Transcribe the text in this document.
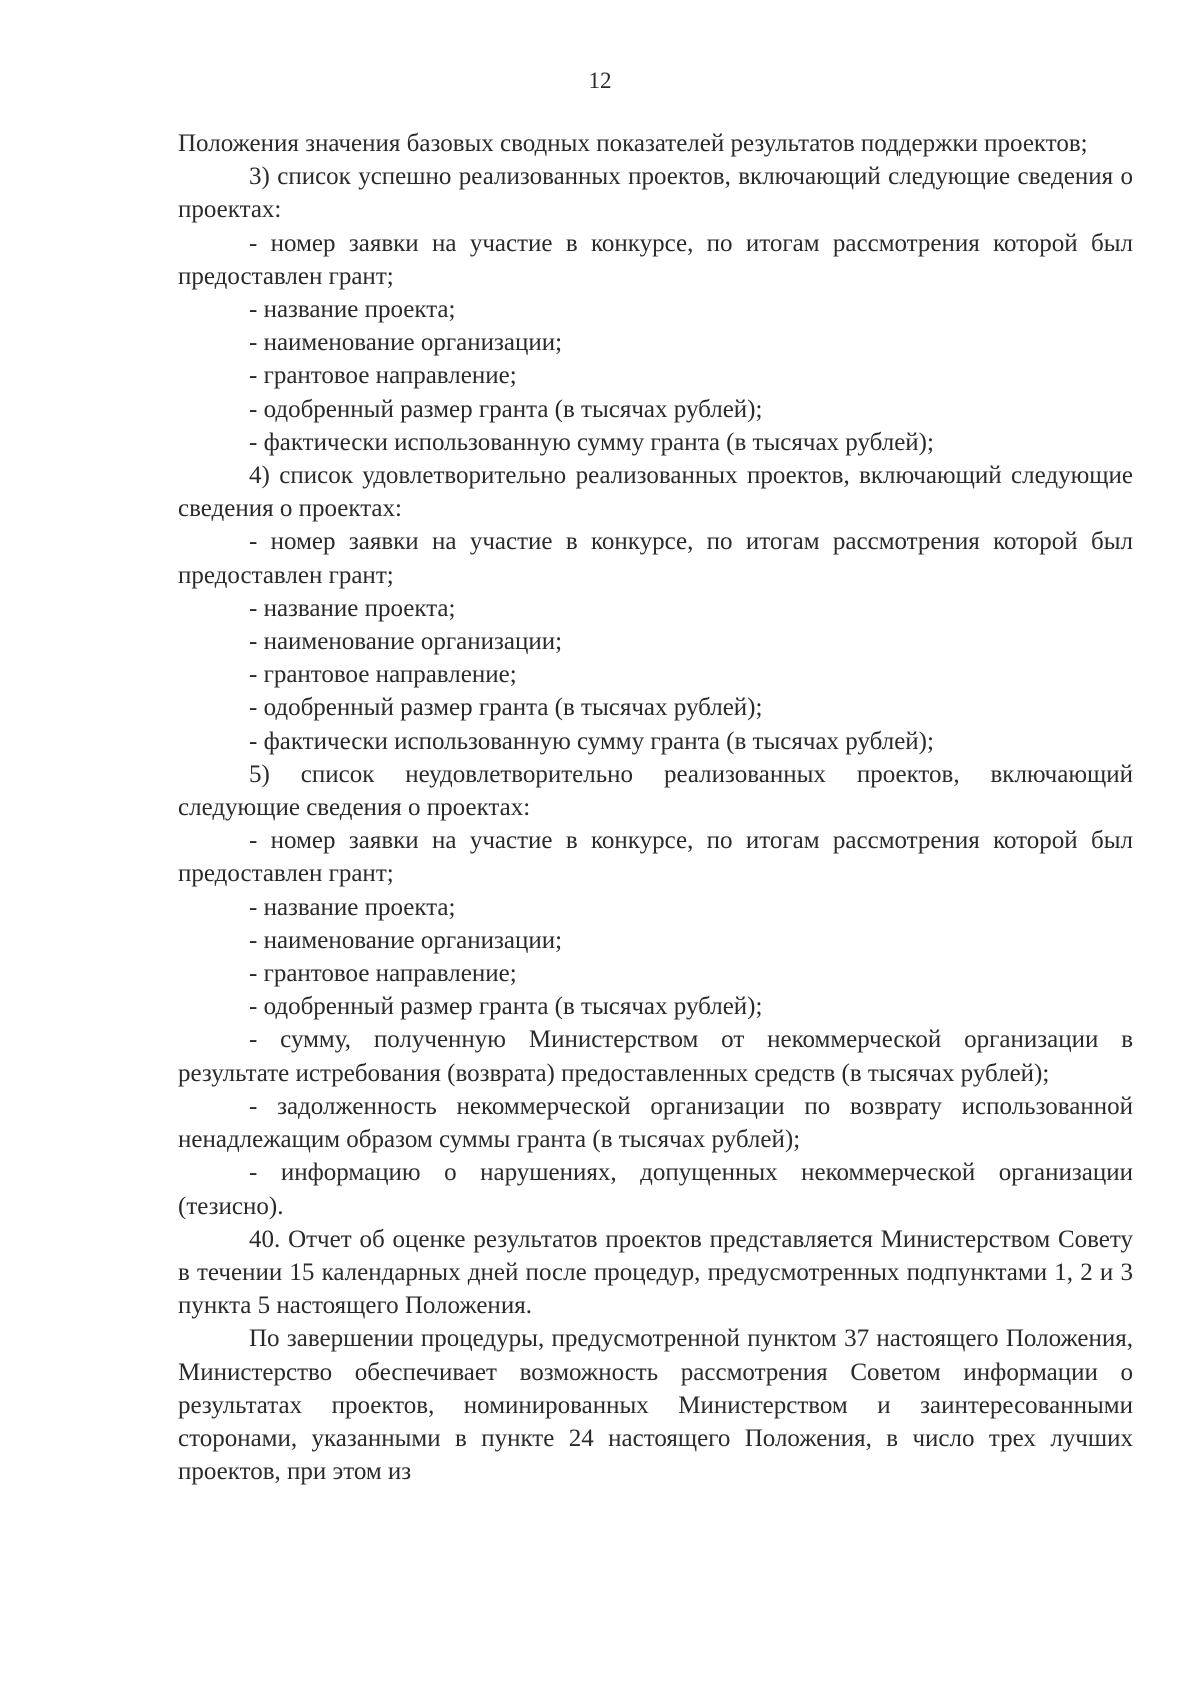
12

Положения значения базовых сводных показателей результатов поддержки проектов;

3) список успешно реализованных проектов, включающий следующие сведения о проектах:

- номер заявки на участие в конкурсе, по итогам рассмотрения которой был предоставлен грант;

- название проекта;

- наименование организации;

- грантовое направление;

- одобренный размер гранта (в тысячах рублей);

- фактически использованную сумму гранта (в тысячах рублей);

4) список удовлетворительно реализованных проектов, включающий следующие сведения о проектах:

- номер заявки на участие в конкурсе, по итогам рассмотрения которой был предоставлен грант;

- название проекта;

- наименование организации;

- грантовое направление;

- одобренный размер гранта (в тысячах рублей);

- фактически использованную сумму гранта (в тысячах рублей);

5) список неудовлетворительно реализованных проектов, включающий следующие сведения о проектах:

- номер заявки на участие в конкурсе, по итогам рассмотрения которой был предоставлен грант;

- название проекта;

- наименование организации;

- грантовое направление;

- одобренный размер гранта (в тысячах рублей);

- сумму, полученную Министерством от некоммерческой организации в результате истребования (возврата) предоставленных средств (в тысячах рублей);

- задолженность некоммерческой организации по возврату использованной ненадлежащим образом суммы гранта (в тысячах рублей);

- информацию о нарушениях, допущенных некоммерческой организации (тезисно).

40. Отчет об оценке результатов проектов представляется Министерством Совету в течении 15 календарных дней после процедур, предусмотренных подпунктами 1, 2 и 3 пункта 5 настоящего Положения.

По завершении процедуры, предусмотренной пунктом 37 настоящего Положения, Министерство обеспечивает возможность рассмотрения Советом информации о результатах проектов, номинированных Министерством и заинтересованными сторонами, указанными в пункте 24 настоящего Положения, в число трех лучших проектов, при этом из
